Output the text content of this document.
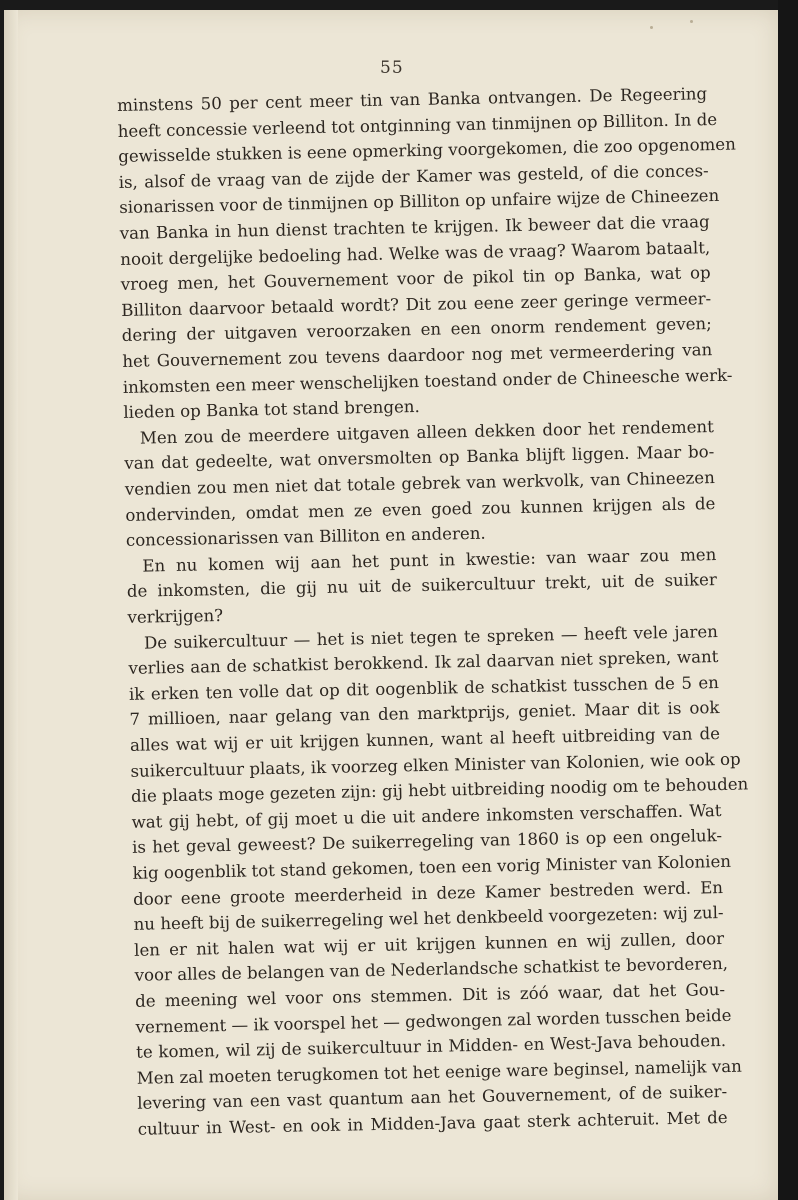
55
minstens 50 per cent meer tin van Banka ontvangen. De Regeering
heeft concessie verleend tot ontginning van tinmijnen op Billiton. In de
gewisselde stukken is eene opmerking voorgekomen, die zoo opgenomen
is, alsof de vraag van de zijde der Kamer was gesteld, of die conces-
sionarissen voor de tinmijnen op Billiton op unfaire wijze de Chineezen
van Banka in hun dienst trachten te krijgen. Ik beweer dat die vraag
nooit dergelijke bedoeling had. Welke was de vraag? Waarom bataalt,
vroeg men, het Gouvernement voor de pikol tin op Banka, wat op
Billiton daarvoor betaald wordt? Dit zou eene zeer geringe vermeer-
dering der uitgaven veroorzaken en een onorm rendement geven;
het Gouvernement zou tevens daardoor nog met vermeerdering van
inkomsten een meer wenschelijken toestand onder de Chineesche werk-
lieden op Banka tot stand brengen.
Men zou de meerdere uitgaven alleen dekken door het rendement
van dat gedeelte, wat onversmolten op Banka blijft liggen. Maar bo-
vendien zou men niet dat totale gebrek van werkvolk, van Chineezen
ondervinden, omdat men ze even goed zou kunnen krijgen als de
concessionarissen van Billiton en anderen.
En nu komen wij aan het punt in kwestie: van waar zou men
de inkomsten, die gij nu uit de suikercultuur trekt, uit de suiker
verkrijgen?
De suikercultuur — het is niet tegen te spreken — heeft vele jaren
verlies aan de schatkist berokkend. Ik zal daarvan niet spreken, want
ik erken ten volle dat op dit oogenblik de schatkist tusschen de 5 en
7 millioen, naar gelang van den marktprijs, geniet. Maar dit is ook
alles wat wij er uit krijgen kunnen, want al heeft uitbreiding van de
suikercultuur plaats, ik voorzeg elken Minister van Kolonien, wie ook op
die plaats moge gezeten zijn: gij hebt uitbreiding noodig om te behouden
wat gij hebt, of gij moet u die uit andere inkomsten verschaffen. Wat
is het geval geweest? De suikerregeling van 1860 is op een ongeluk-
kig oogenblik tot stand gekomen, toen een vorig Minister van Kolonien
door eene groote meerderheid in deze Kamer bestreden werd. En
nu heeft bij de suikerregeling wel het denkbeeld voorgezeten: wij zul-
len er nit halen wat wij er uit krijgen kunnen en wij zullen, door
voor alles de belangen van de Nederlandsche schatkist te bevorderen,
de meening wel voor ons stemmen. Dit is zóó waar, dat het Gou-
vernement — ik voorspel het — gedwongen zal worden tusschen beide
te komen, wil zij de suikercultuur in Midden- en West-Java behouden.
Men zal moeten terugkomen tot het eenige ware beginsel, namelijk van
levering van een vast quantum aan het Gouvernement, of de suiker-
cultuur in West- en ook in Midden-Java gaat sterk achteruit. Met de
